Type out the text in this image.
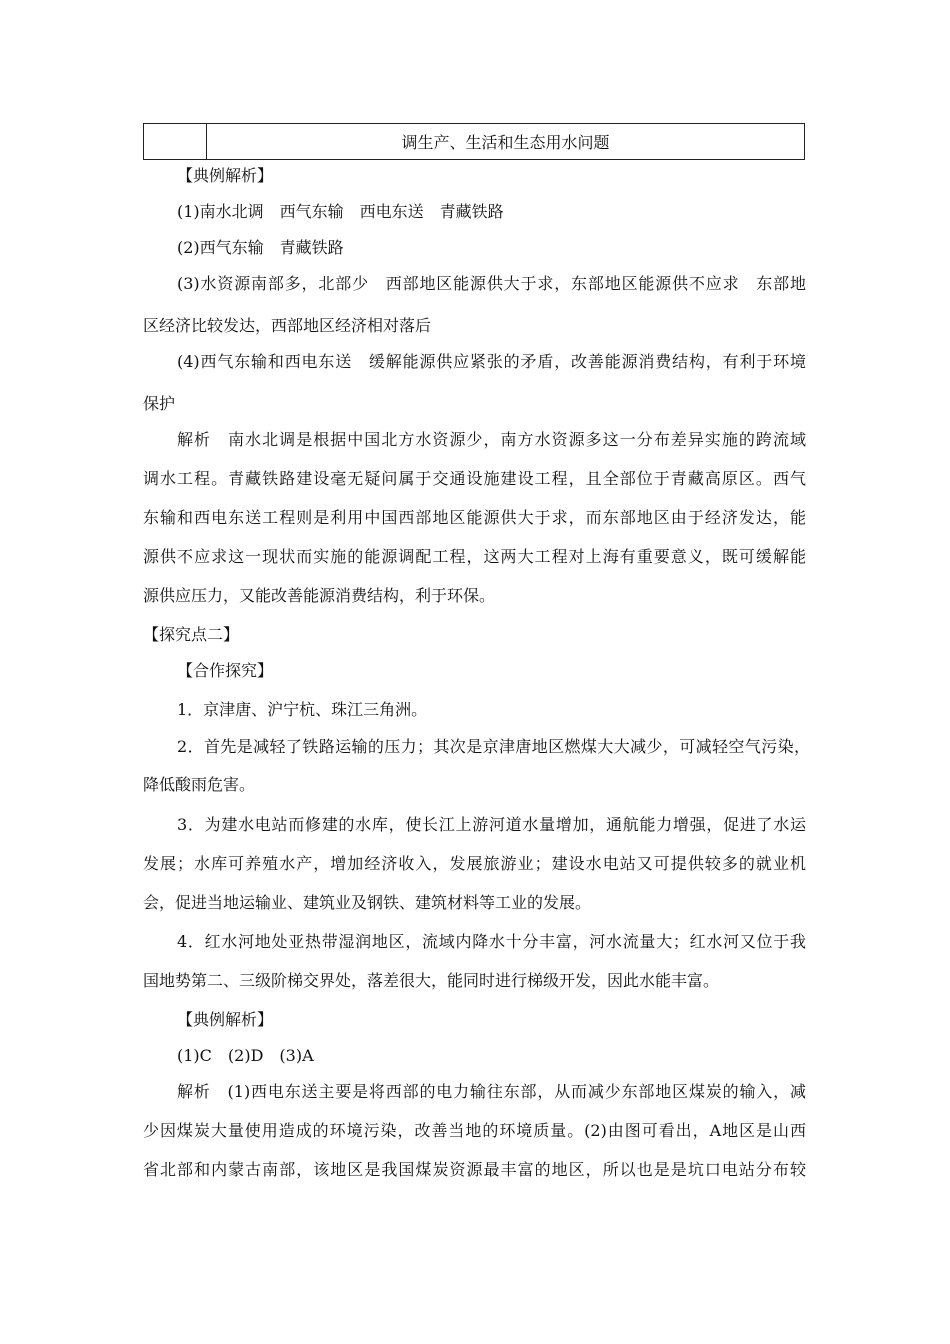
调生产、生活和生态用水问题
【典例解析】
(1)南水北调　西气东输　西电东送　青藏铁路
(2)西气东输　青藏铁路
(3)水资源南部多，北部少　西部地区能源供大于求，东部地区能源供不应求　东部地
区经济比较发达，西部地区经济相对落后
(4)西气东输和西电东送　缓解能源供应紧张的矛盾，改善能源消费结构，有利于环境
保护
解析　南水北调是根据中国北方水资源少，南方水资源多这一分布差异实施的跨流域
调水工程。青藏铁路建设毫无疑问属于交通设施建设工程，且全部位于青藏高原区。西气
东输和西电东送工程则是利用中国西部地区能源供大于求，而东部地区由于经济发达，能
源供不应求这一现状而实施的能源调配工程，这两大工程对上海有重要意义，既可缓解能
源供应压力，又能改善能源消费结构，利于环保。
【探究点二】
【合作探究】
1．京津唐、沪宁杭、珠江三角洲。
2．首先是减轻了铁路运输的压力；其次是京津唐地区燃煤大大减少，可减轻空气污染，
降低酸雨危害。
3．为建水电站而修建的水库，使长江上游河道水量增加，通航能力增强，促进了水运
发展；水库可养殖水产，增加经济收入，发展旅游业；建设水电站又可提供较多的就业机
会，促进当地运输业、建筑业及钢铁、建筑材料等工业的发展。
4．红水河地处亚热带湿润地区，流域内降水十分丰富，河水流量大；红水河又位于我
国地势第二、三级阶梯交界处，落差很大，能同时进行梯级开发，因此水能丰富。
【典例解析】
(1)C　(2)D　(3)A
解析　(1)西电东送主要是将西部的电力输往东部，从而减少东部地区煤炭的输入，减
少因煤炭大量使用造成的环境污染，改善当地的环境质量。(2)由图可看出，A地区是山西
省北部和内蒙古南部，该地区是我国煤炭资源最丰富的地区，所以也是是坑口电站分布较
